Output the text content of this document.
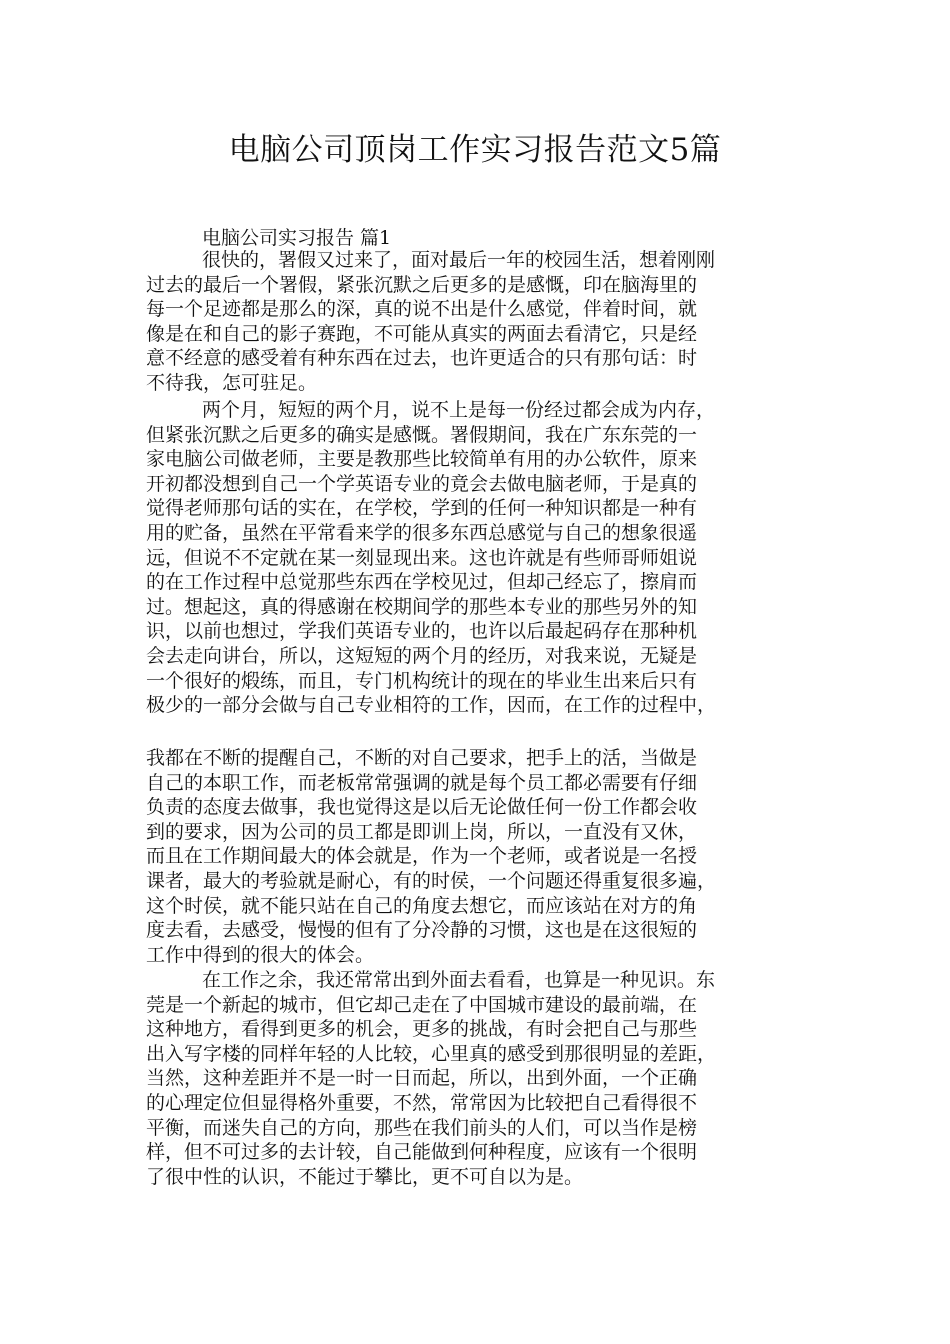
电脑公司顶岗工作实习报告范文5篇
电脑公司实习报告 篇1
很快的，署假又过来了，面对最后一年的校园生活，想着刚刚
过去的最后一个署假，紧张沉默之后更多的是感慨，印在脑海里的
每一个足迹都是那么的深，真的说不出是什么感觉，伴着时间，就
像是在和自己的影子赛跑，不可能从真实的两面去看清它，只是经
意不经意的感受着有种东西在过去，也许更适合的只有那句话：时
不待我，怎可驻足。
两个月，短短的两个月，说不上是每一份经过都会成为内存，
但紧张沉默之后更多的确实是感慨。署假期间，我在广东东莞的一
家电脑公司做老师，主要是教那些比较简单有用的办公软件，原来
开初都没想到自己一个学英语专业的竟会去做电脑老师，于是真的
觉得老师那句话的实在，在学校，学到的任何一种知识都是一种有
用的贮备，虽然在平常看来学的很多东西总感觉与自己的想象很遥
远，但说不不定就在某一刻显现出来。这也许就是有些师哥师姐说
的在工作过程中总觉那些东西在学校见过，但却己经忘了，擦肩而
过。想起这，真的得感谢在校期间学的那些本专业的那些另外的知
识，以前也想过，学我们英语专业的，也许以后最起码存在那种机
会去走向讲台，所以，这短短的两个月的经历，对我来说，无疑是
一个很好的煅练，而且，专门机构统计的现在的毕业生出来后只有
极少的一部分会做与自己专业相符的工作，因而，在工作的过程中，
我都在不断的提醒自己，不断的对自己要求，把手上的活，当做是
自己的本职工作，而老板常常强调的就是每个员工都必需要有仔细
负责的态度去做事，我也觉得这是以后无论做任何一份工作都会收
到的要求，因为公司的员工都是即训上岗，所以，一直没有又休，
而且在工作期间最大的体会就是，作为一个老师，或者说是一名授
课者，最大的考验就是耐心，有的时侯，一个问题还得重复很多遍，
这个时侯，就不能只站在自己的角度去想它，而应该站在对方的角
度去看，去感受，慢慢的但有了分冷静的习惯，这也是在这很短的
工作中得到的很大的体会。
在工作之余，我还常常出到外面去看看，也算是一种见识。东
莞是一个新起的城市，但它却己走在了中国城市建设的最前端，在
这种地方，看得到更多的机会，更多的挑战，有时会把自己与那些
出入写字楼的同样年轻的人比较，心里真的感受到那很明显的差距，
当然，这种差距并不是一时一日而起，所以，出到外面，一个正确
的心理定位但显得格外重要，不然，常常因为比较把自己看得很不
平衡，而迷失自己的方向，那些在我们前头的人们，可以当作是榜
样，但不可过多的去计较，自己能做到何种程度，应该有一个很明
了很中性的认识，不能过于攀比，更不可自以为是。
